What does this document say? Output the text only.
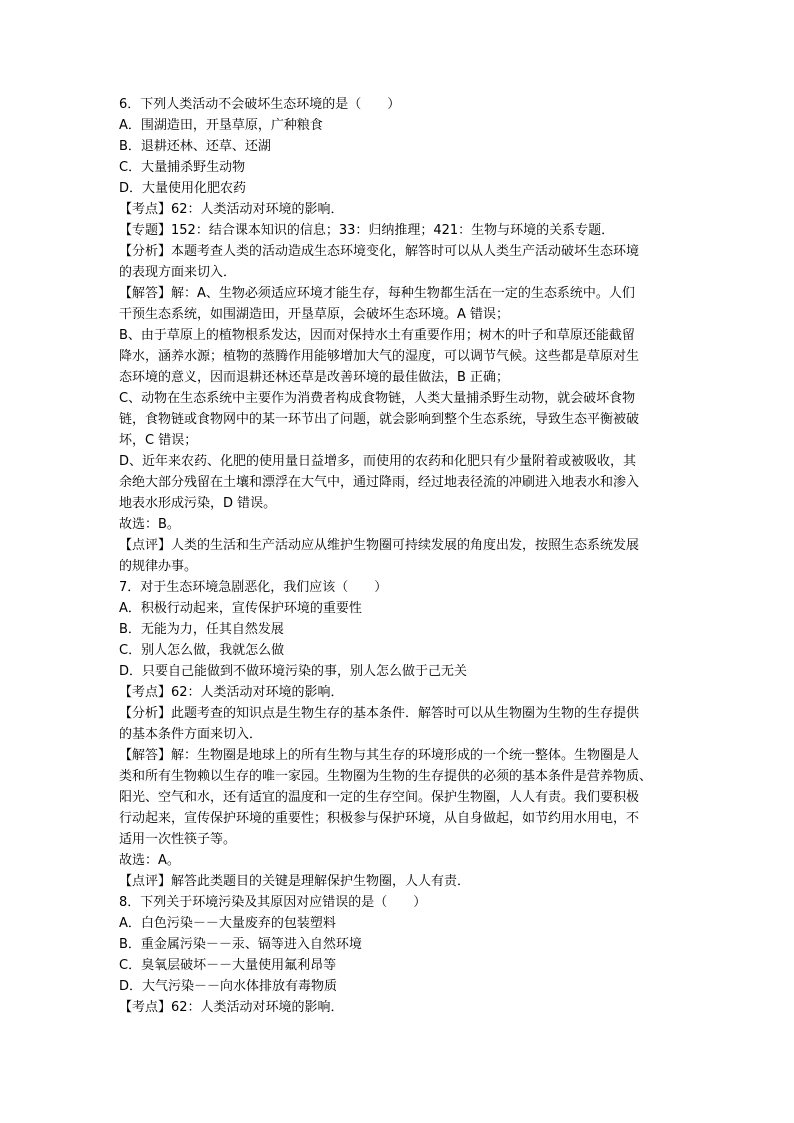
6．下列人类活动不会破坏生态环境的是（　　）
A．围湖造田，开垦草原，广种粮食
B．退耕还林、还草、还湖
C．大量捕杀野生动物
D．大量使用化肥农药
【考点】62：人类活动对环境的影响．
【专题】152：结合课本知识的信息；33：归纳推理；421：生物与环境的关系专题．
【分析】本题考查人类的活动造成生态环境变化，解答时可以从人类生产活动破坏生态环境
的表现方面来切入．
【解答】解：A、生物必须适应环境才能生存，每种生物都生活在一定的生态系统中。人们
干预生态系统，如围湖造田，开垦草原，会破坏生态环境。A 错误；
B、由于草原上的植物根系发达，因而对保持水土有重要作用；树木的叶子和草原还能截留
降水，涵养水源；植物的蒸腾作用能够增加大气的湿度，可以调节气候。这些都是草原对生
态环境的意义，因而退耕还林还草是改善环境的最佳做法，B 正确；
C、动物在生态系统中主要作为消费者构成食物链，人类大量捕杀野生动物，就会破坏食物
链，食物链或食物网中的某一环节出了问题，就会影响到整个生态系统，导致生态平衡被破
坏，C 错误；
D、近年来农药、化肥的使用量日益增多，而使用的农药和化肥只有少量附着或被吸收，其
余绝大部分残留在土壤和漂浮在大气中，通过降雨，经过地表径流的冲刷进入地表水和渗入
地表水形成污染，D 错误。
故选：B。
【点评】人类的生活和生产活动应从维护生物圈可持续发展的角度出发，按照生态系统发展
的规律办事。
7．对于生态环境急剧恶化，我们应该（　　）
A．积极行动起来，宣传保护环境的重要性
B．无能为力，任其自然发展
C．别人怎么做，我就怎么做
D．只要自己能做到不做环境污染的事，别人怎么做于己无关
【考点】62：人类活动对环境的影响．
【分析】此题考查的知识点是生物生存的基本条件．解答时可以从生物圈为生物的生存提供
的基本条件方面来切入．
【解答】解：生物圈是地球上的所有生物与其生存的环境形成的一个统一整体。生物圈是人
类和所有生物赖以生存的唯一家园。生物圈为生物的生存提供的必须的基本条件是营养物质、
阳光、空气和水，还有适宜的温度和一定的生存空间。保护生物圈，人人有责。我们要积极
行动起来，宣传保护环境的重要性；积极参与保护环境，从自身做起，如节约用水用电，不
适用一次性筷子等。
故选：A。
【点评】解答此类题目的关键是理解保护生物圈，人人有责．
8．下列关于环境污染及其原因对应错误的是（　　）
A．白色污染－－大量废弃的包装塑料
B．重金属污染－－汞、镉等进入自然环境
C．臭氧层破坏－－大量使用氟利昂等
D．大气污染－－向水体排放有毒物质
【考点】62：人类活动对环境的影响．
